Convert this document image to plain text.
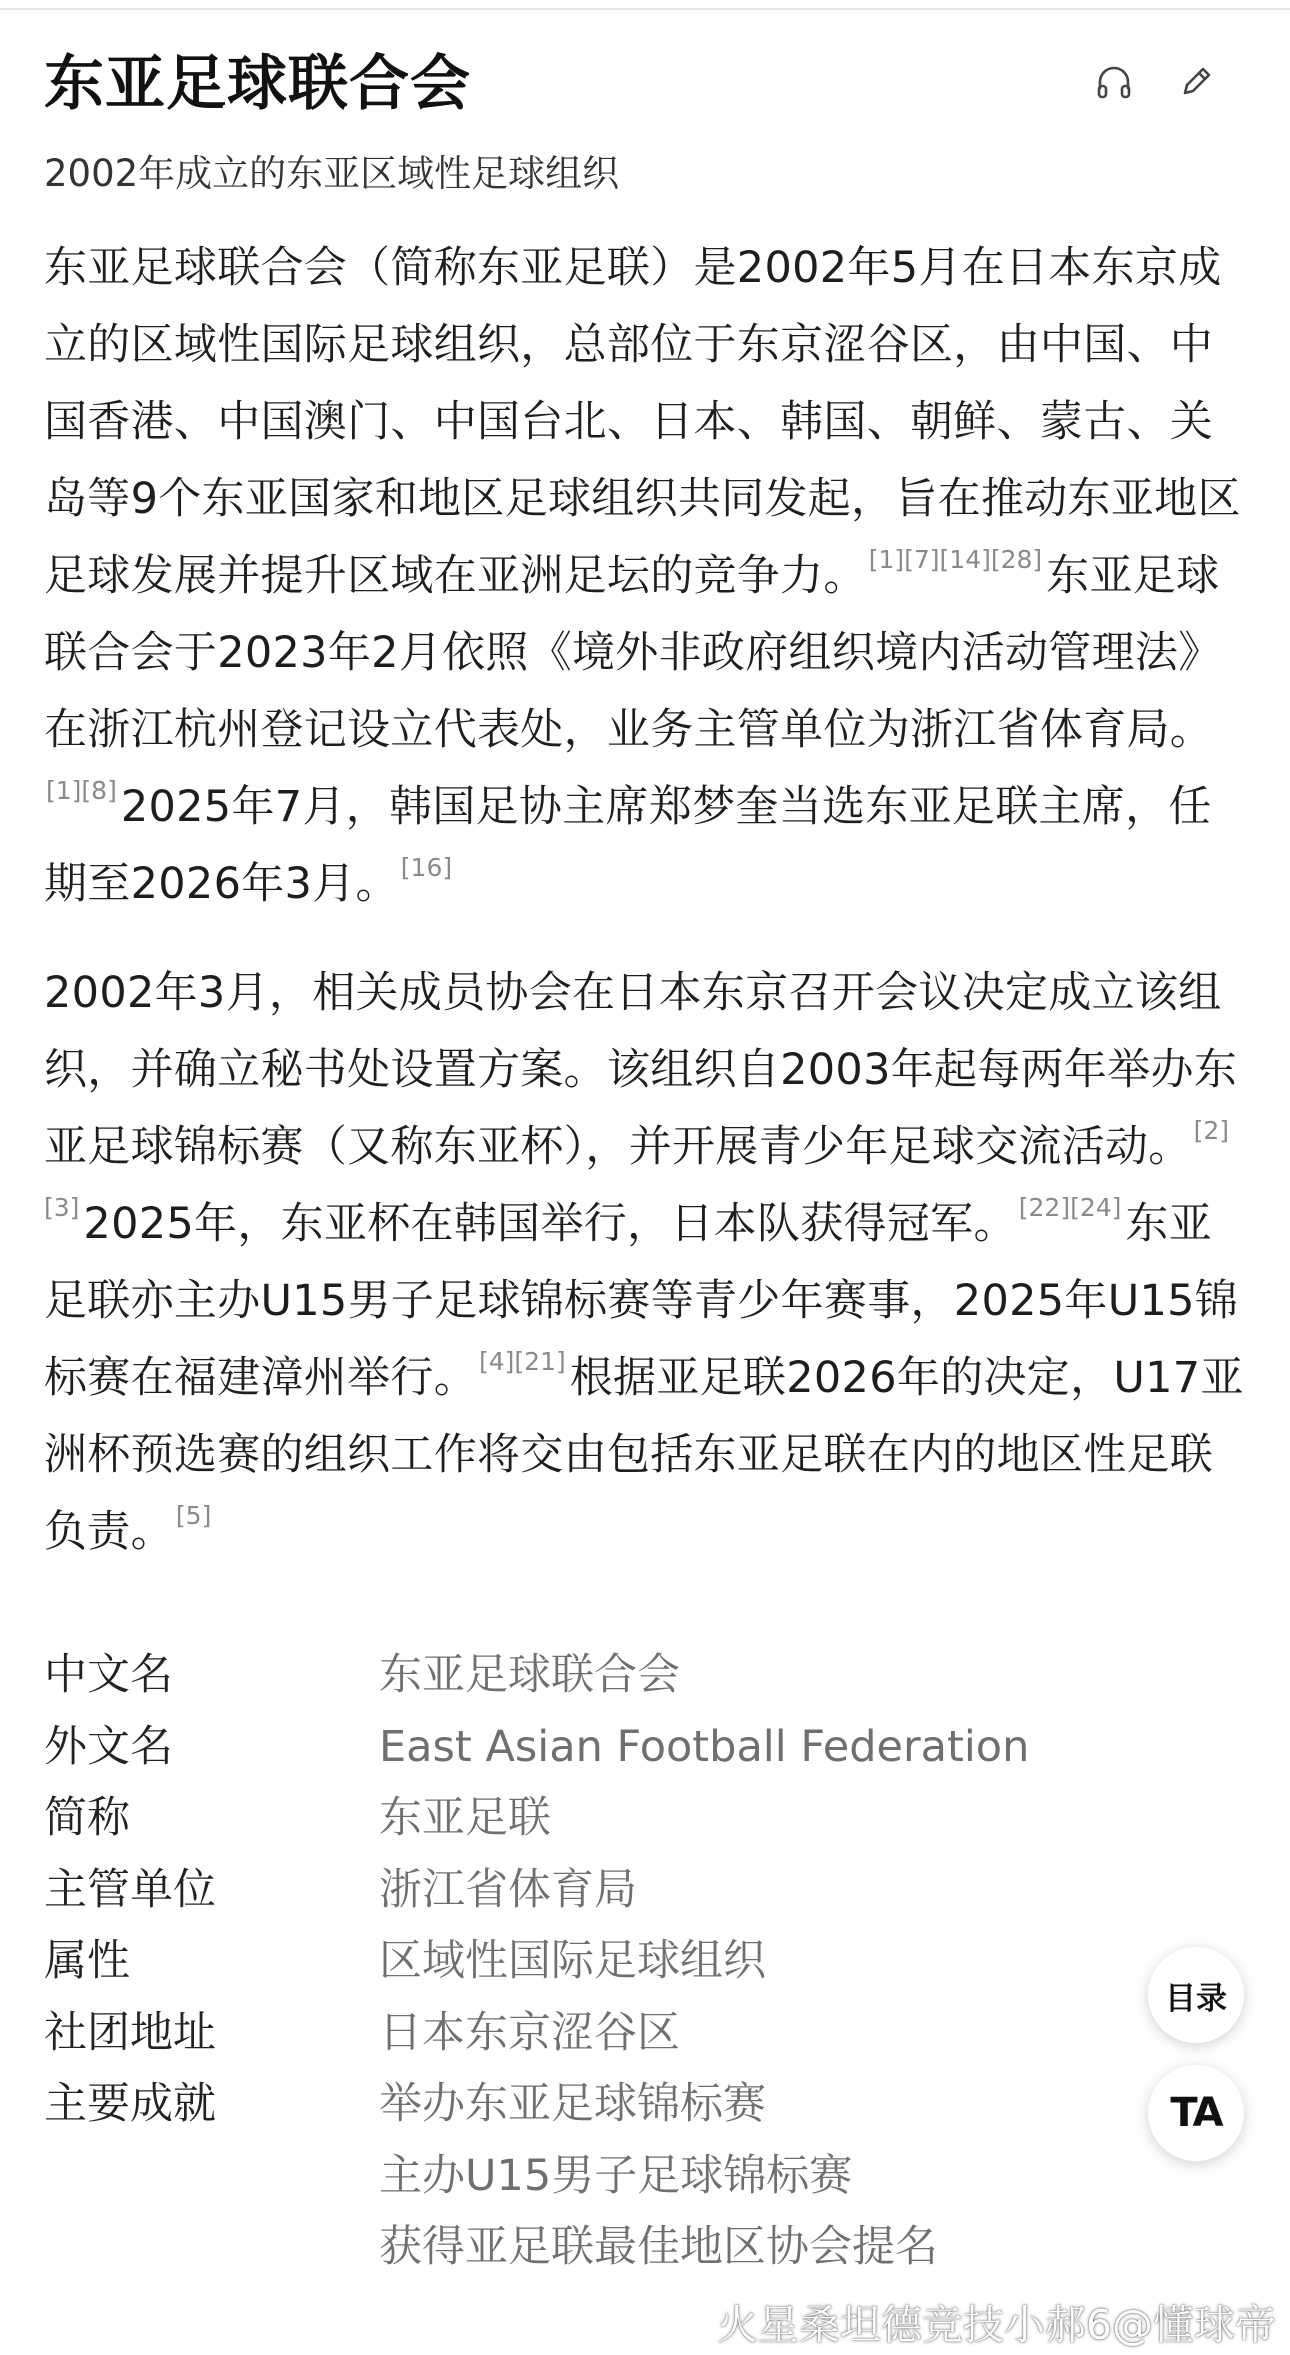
东亚足球联合会
2002年成立的东亚区域性足球组织
东亚足球联合会（简称东亚足联）是2002年5月在日本东京成立的区域性国际足球组织，总部位于东京涩谷区，由中国、中国香港、中国澳门、中国台北、日本、韩国、朝鲜、蒙古、关岛等9个东亚国家和地区足球组织共同发起，旨在推动东亚地区足球发展并提升区域在亚洲足坛的竞争力。[1][7][14][28]东亚足球联合会于2023年2月依照《境外非政府组织境内活动管理法》在浙江杭州登记设立代表处，业务主管单位为浙江省体育局。[1][8]2025年7月，韩国足协主席郑梦奎当选东亚足联主席，任期至2026年3月。[16]
2002年3月，相关成员协会在日本东京召开会议决定成立该组织，并确立秘书处设置方案。该组织自2003年起每两年举办东亚足球锦标赛（又称东亚杯），并开展青少年足球交流活动。[2][3]2025年，东亚杯在韩国举行，日本队获得冠军。[22][24]东亚足联亦主办U15男子足球锦标赛等青少年赛事，2025年U15锦标赛在福建漳州举行。[4][21]根据亚足联2026年的决定，U17亚洲杯预选赛的组织工作将交由包括东亚足联在内的地区性足联负责。[5]
中文名	东亚足球联合会
外文名	East Asian Football Federation
简称	东亚足联
主管单位	浙江省体育局
属性	区域性国际足球组织
社团地址	日本东京涩谷区
主要成就	举办东亚足球锦标赛
主办U15男子足球锦标赛
获得亚足联最佳地区协会提名
目录
TA
火星桑坦德竞技小郝6@懂球帝
